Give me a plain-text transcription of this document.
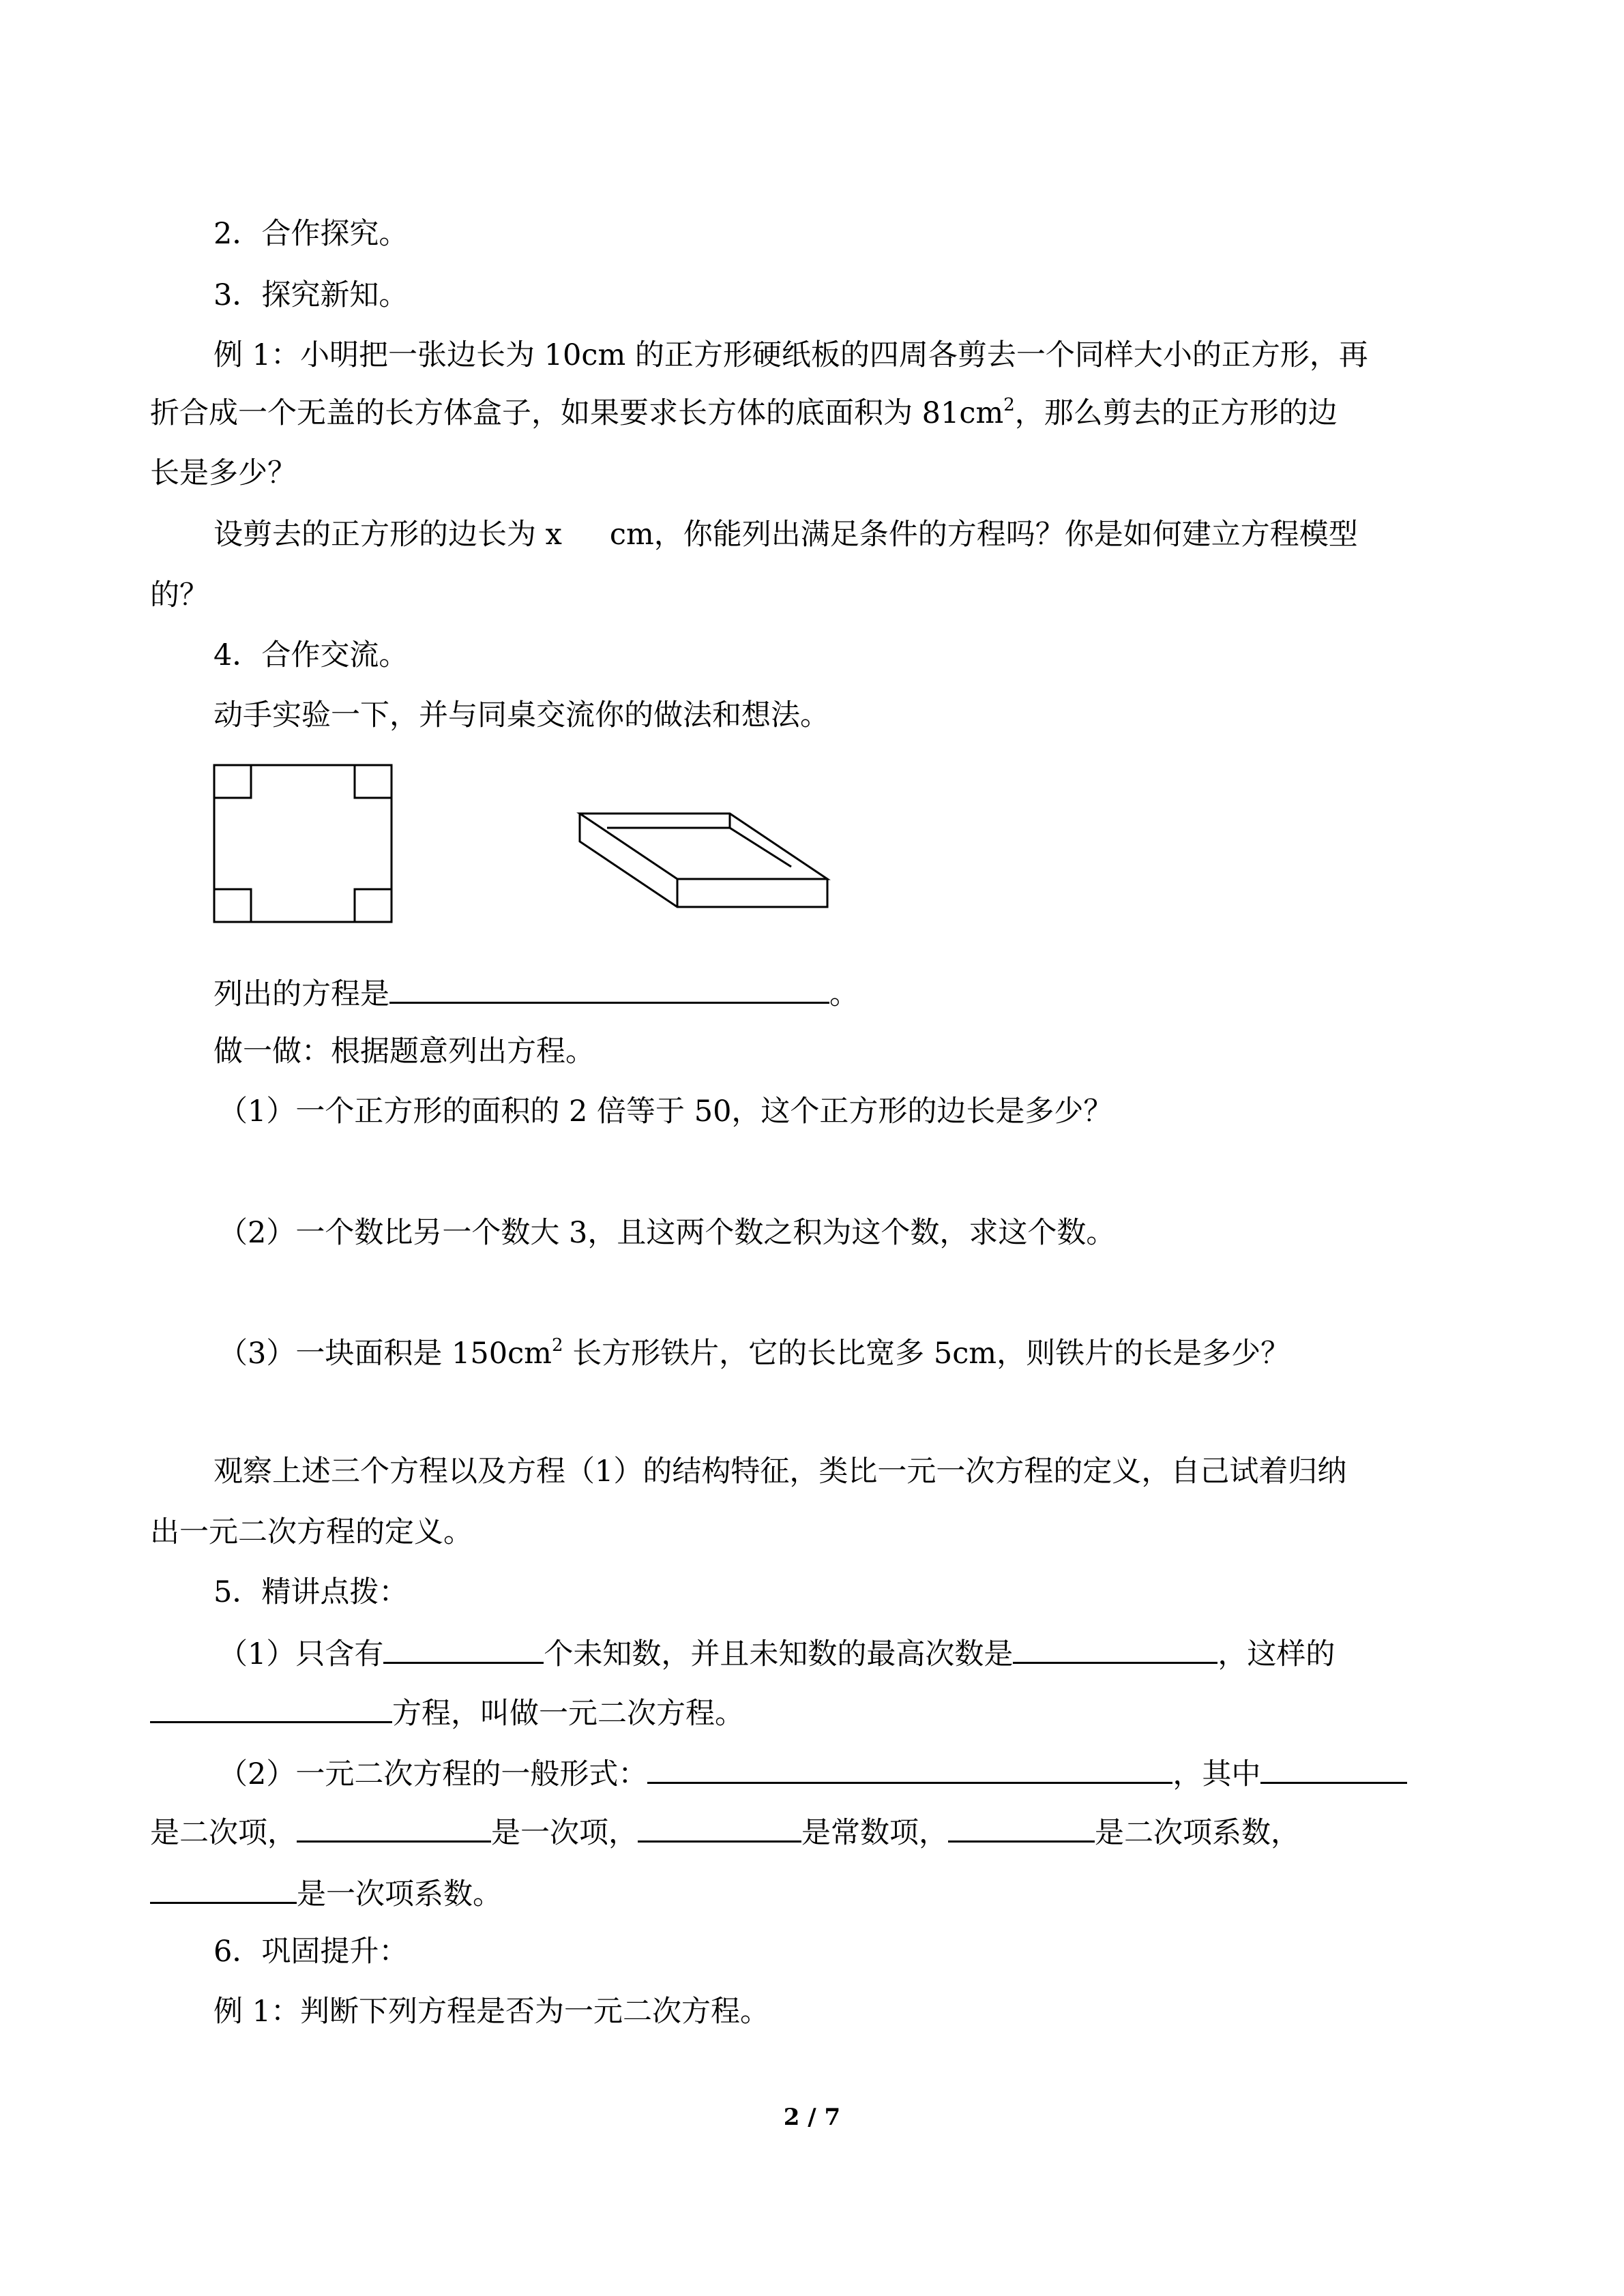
2．合作探究。
3．探究新知。
例 1：小明把一张边长为 10cm 的正方形硬纸板的四周各剪去一个同样大小的正方形，再
折合成一个无盖的长方体盒子，如果要求长方体的底面积为 $81cm^2$，那么剪去的正方形的边
长是多少？
设剪去的正方形的边长为 x cm，你能列出满足条件的方程吗？你是如何建立方程模型
的？
4．合作交流。
动手实验一下，并与同桌交流你的做法和想法。
列出的方程是	。
做一做：根据题意列出方程。
（1）一个正方形的面积的 2 倍等于 50，这个正方形的边长是多少？
（2）一个数比另一个数大 3，且这两个数之积为这个数，求这个数。
（3）一块面积是 $150cm^2$ 长方形铁片，它的长比宽多 5cm，则铁片的长是多少？
观察上述三个方程以及方程（1）的结构特征，类比一元一次方程的定义，自己试着归纳
出一元二次方程的定义。
5．精讲点拨：
（1）只含有	个未知数，并且未知数的最高次数是	，这样的
方程，叫做一元二次方程。
（2）一元二次方程的一般形式：	，其中
是二次项，	是一次项，	是常数项，	是二次项系数，
是一次项系数。
6．巩固提升：
例 1：判断下列方程是否为一元二次方程。
2 / 7
